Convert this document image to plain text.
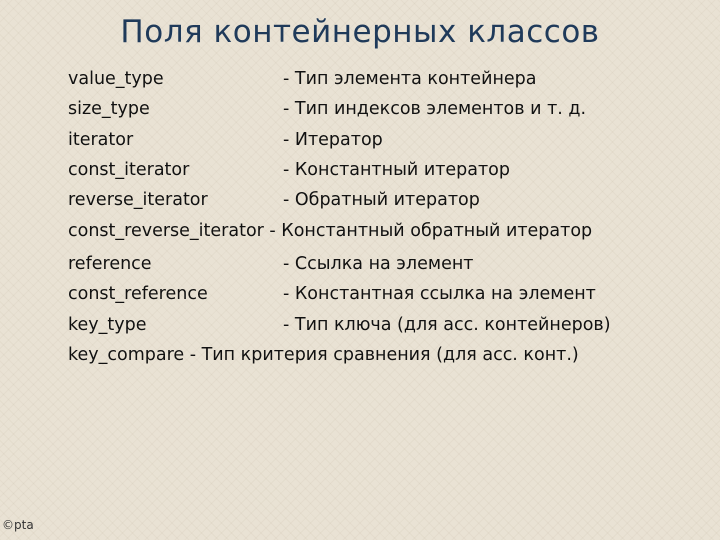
Поля контейнерных классов
value_type	- Тип элемента контейнера
size_type	- Тип индексов элементов и т. д.
iterator	- Итератор
const_iterator	- Константный итератор
reverse_iterator	- Обратный итератор
const_reverse_iterator - Константный обратный итератор
reference	- Ссылка на элемент
const_reference	- Константная ссылка на элемент
key_type	- Тип ключа (для асс. контейнеров)
key_compare - Тип критерия сравнения (для асс. конт.)
©pta
